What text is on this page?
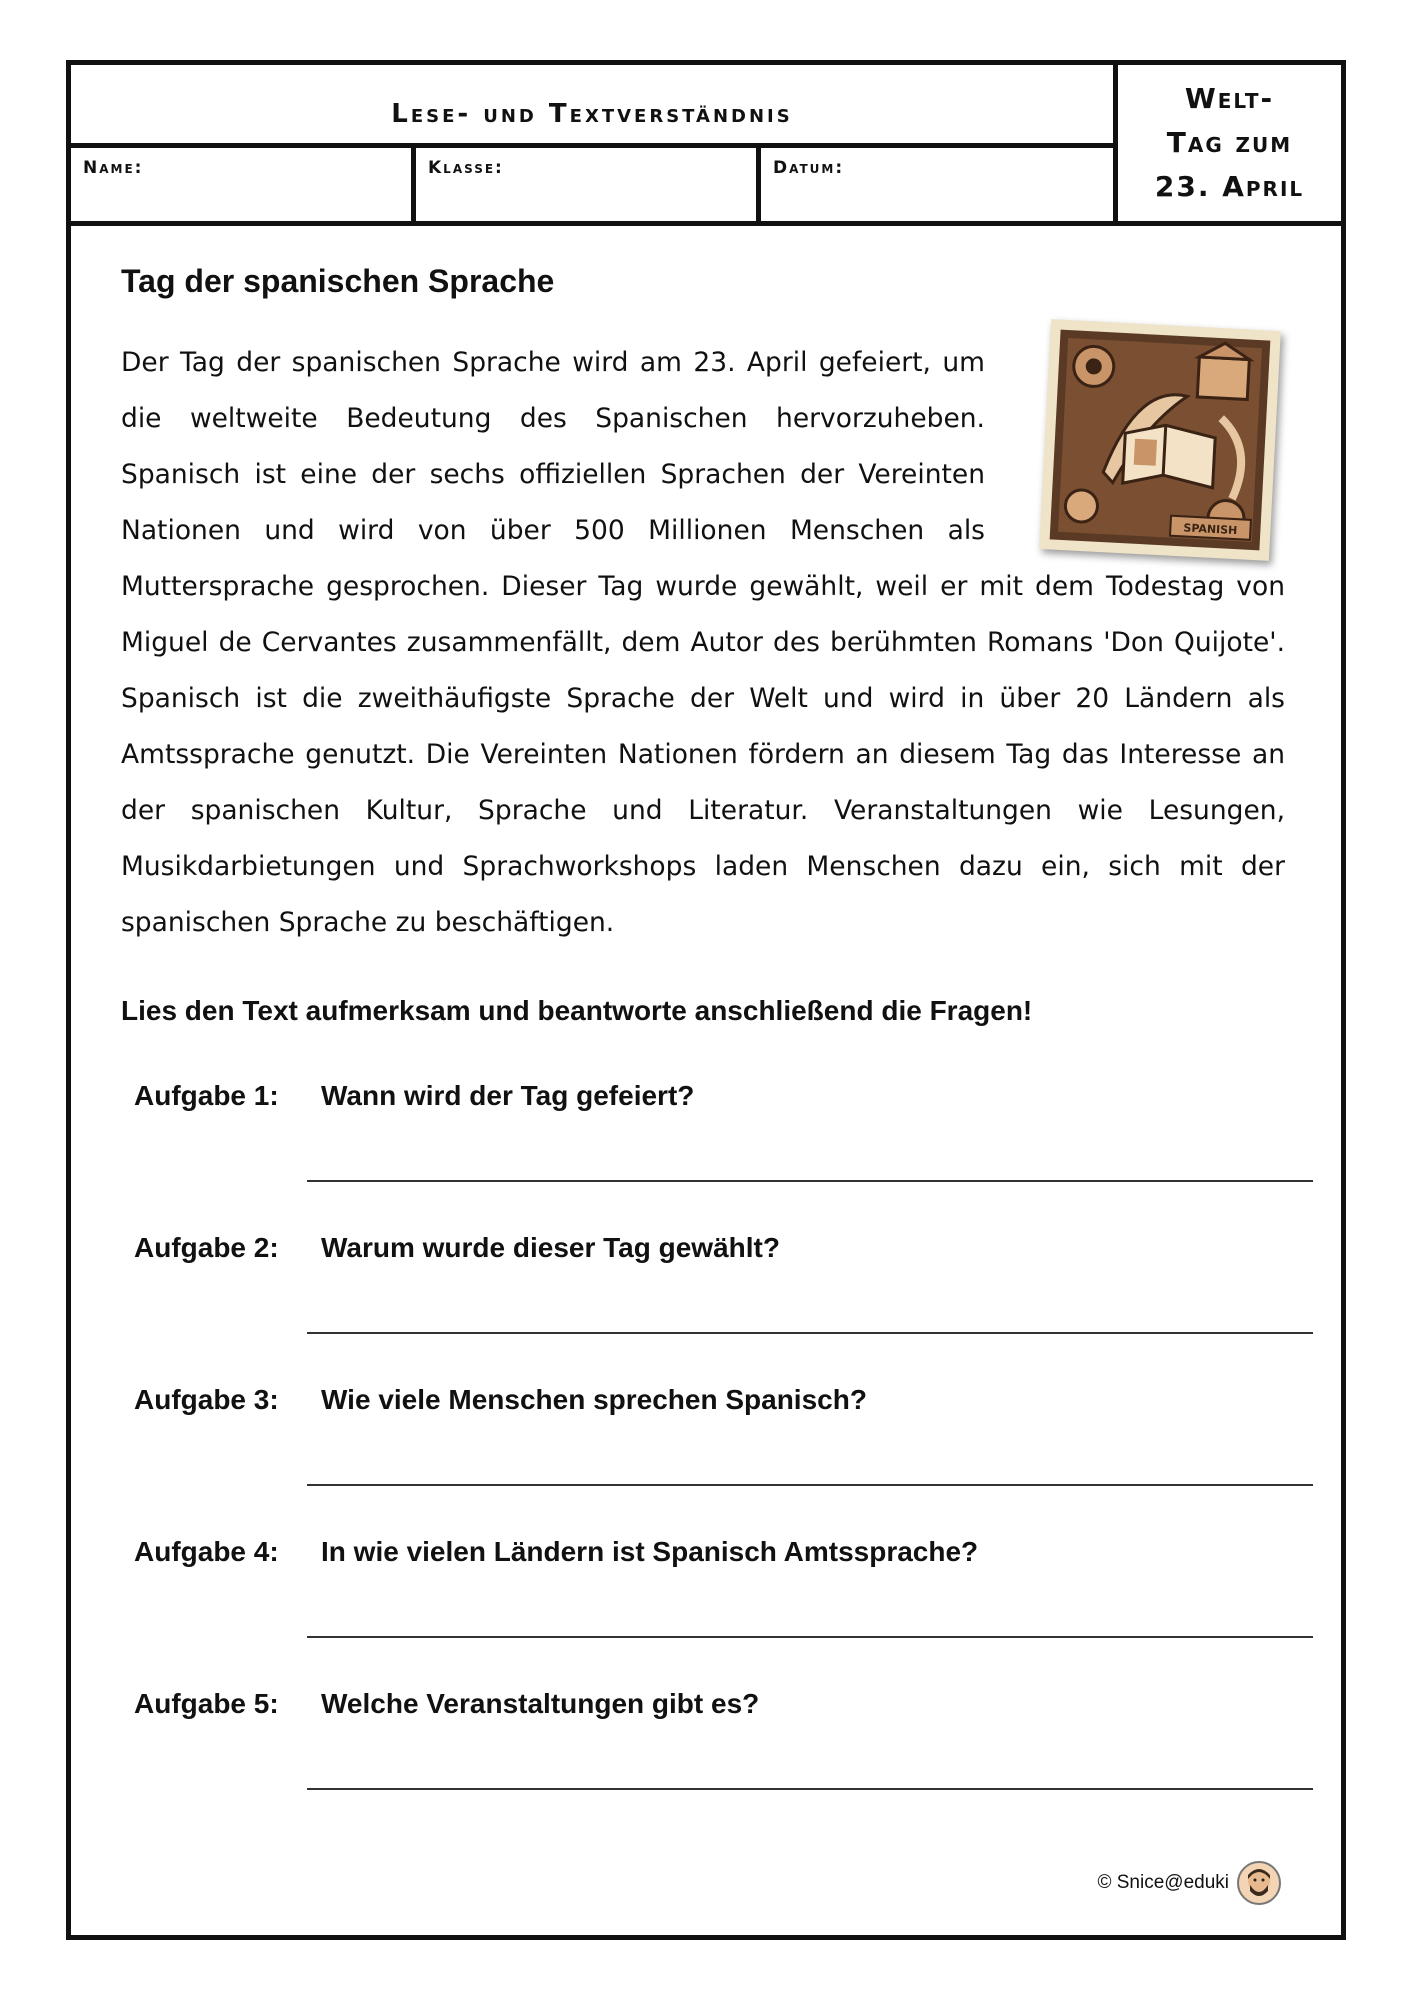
Lese- und Textverständnis
Name:	Klasse:	Datum:
Welt-
Tag zum
23. April
Tag der spanischen Sprache
SPANISH
Der Tag der spanischen Sprache wird am 23. April gefeiert, um die weltweite Bedeutung des Spanischen hervorzuheben. Spanisch ist eine der sechs offiziellen Sprachen der Vereinten Nationen und wird von über 500 Millionen Menschen als Muttersprache gesprochen. Dieser Tag wurde gewählt, weil er mit dem Todestag von Miguel de Cervantes zusammenfällt, dem Autor des berühmten Romans 'Don Quijote'. Spanisch ist die zweithäufigste Sprache der Welt und wird in über 20 Ländern als Amtssprache genutzt. Die Vereinten Nationen fördern an diesem Tag das Interesse an der spanischen Kultur, Sprache und Literatur. Veranstaltungen wie Lesungen, Musikdarbietungen und Sprachworkshops laden Menschen dazu ein, sich mit der spanischen Sprache zu beschäftigen.

Lies den Text aufmerksam und beantworte anschließend die Fragen!

Aufgabe 1: Wann wird der Tag gefeiert?
Aufgabe 2: Warum wurde dieser Tag gewählt?
Aufgabe 3: Wie viele Menschen sprechen Spanisch?
Aufgabe 4: In wie vielen Ländern ist Spanisch Amtssprache?
Aufgabe 5: Welche Veranstaltungen gibt es?
© Snice@eduki
